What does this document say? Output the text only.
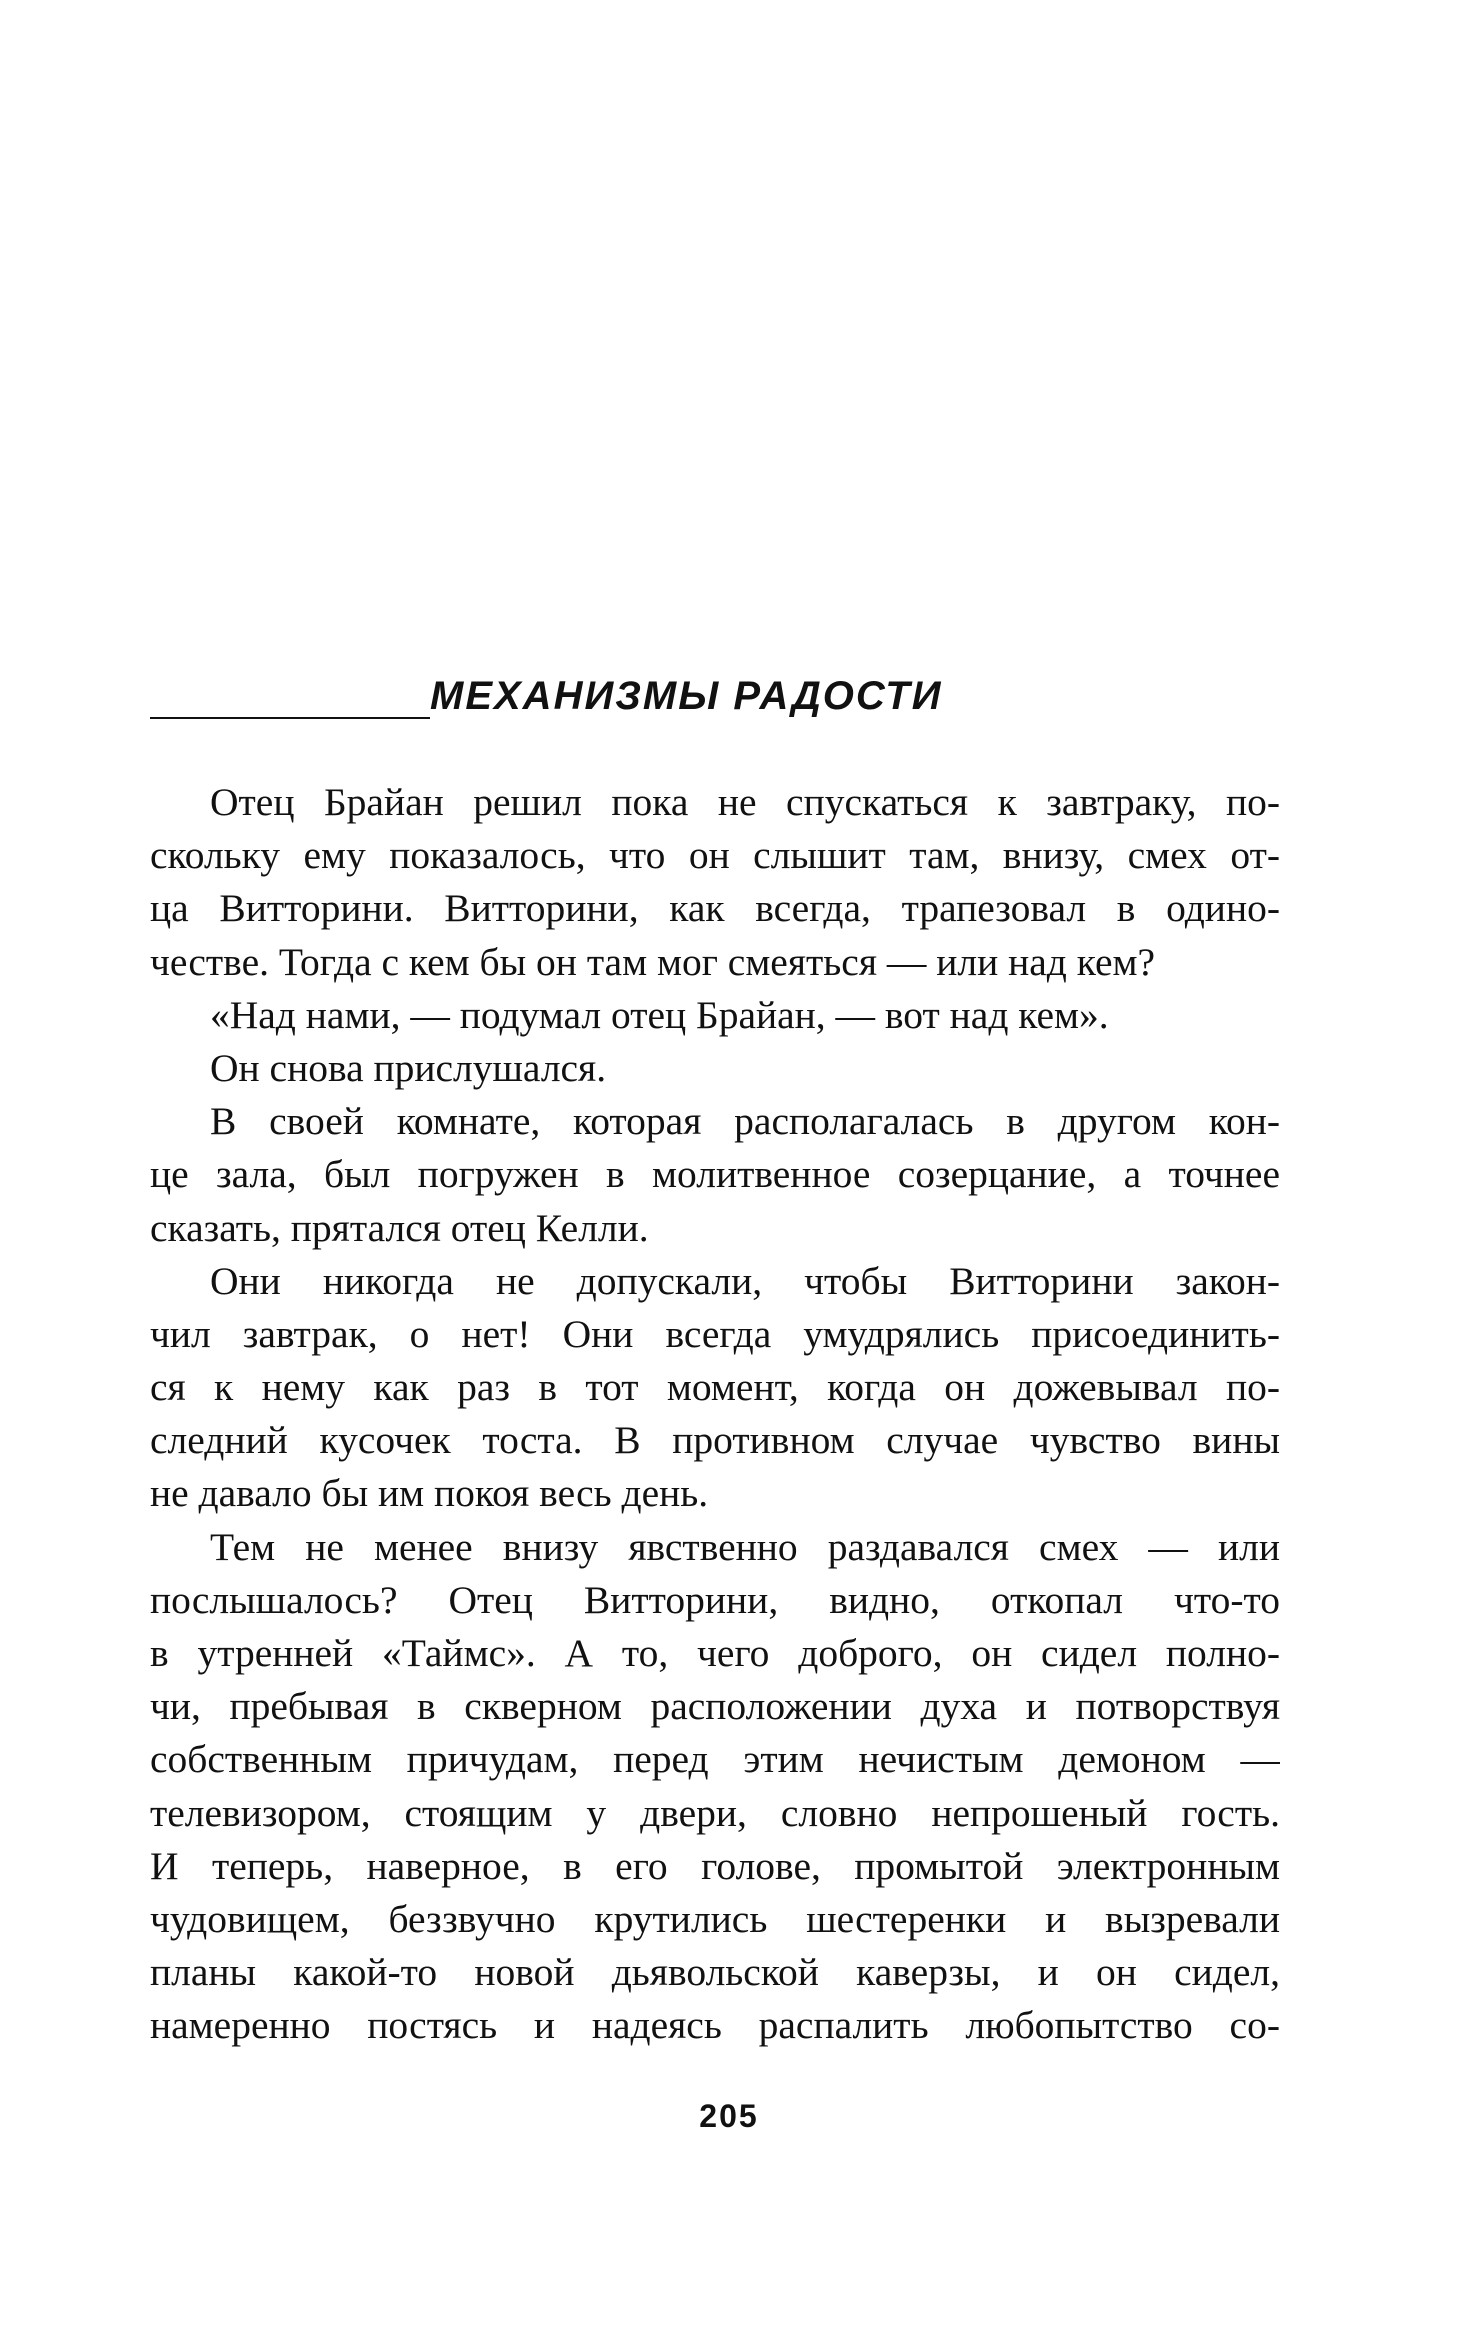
МЕХАНИЗМЫ РАДОСТИ
Отец Брайан решил пока не спускаться к завтраку, по-
скольку ему показалось, что он слышит там, внизу, смех от-
ца Витторини. Витторини, как всегда, трапезовал в одино-
честве. Тогда с кем бы он там мог смеяться — или над кем?
«Над нами, — подумал отец Брайан, — вот над кем».
Он снова прислушался.
В своей комнате, которая располагалась в другом кон-
це зала, был погружен в молитвенное созерцание, а точнее
сказать, прятался отец Келли.
Они никогда не допускали, чтобы Витторини закон-
чил завтрак, о нет! Они всегда умудрялись присоединить-
ся к нему как раз в тот момент, когда он дожевывал по-
следний кусочек тоста. В противном случае чувство вины
не давало бы им покоя весь день.
Тем не менее внизу явственно раздавался смех — или
послышалось? Отец Витторини, видно, откопал что-то
в утренней «Таймс». А то, чего доброго, он сидел полно-
чи, пребывая в скверном расположении духа и потворствуя
собственным причудам, перед этим нечистым демоном —
телевизором, стоящим у двери, словно непрошеный гость.
И теперь, наверное, в его голове, промытой электронным
чудовищем, беззвучно крутились шестеренки и вызревали
планы какой-то новой дьявольской каверзы, и он сидел,
намеренно постясь и надеясь распалить любопытство со-
205
